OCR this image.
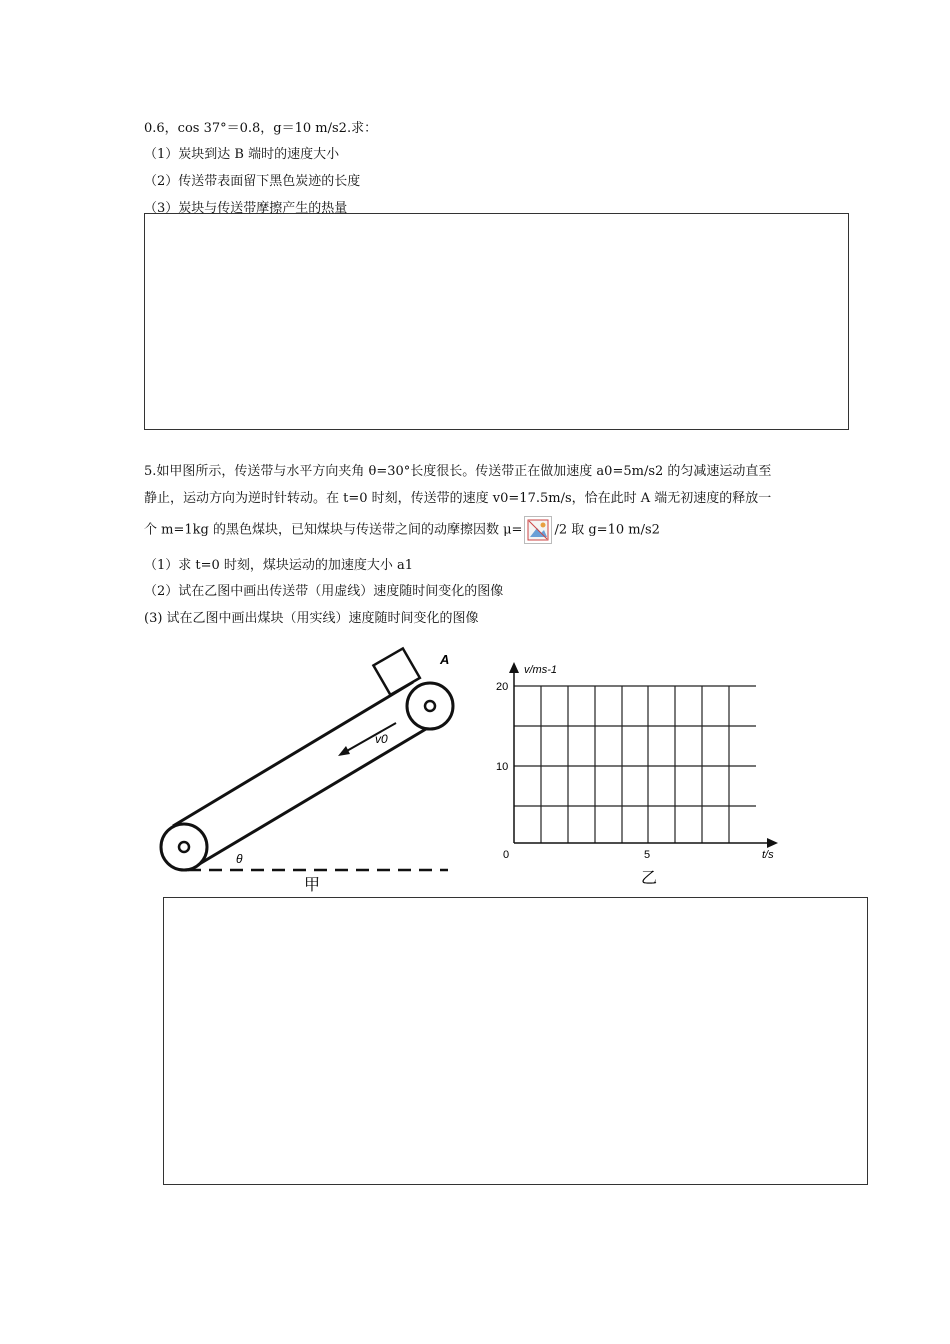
0.6，cos 37°＝0.8，g＝10 m/s2.求：
（1）炭块到达 B 端时的速度大小
（2）传送带表面留下黑色炭迹的长度
（3）炭块与传送带摩擦产生的热量
5.如甲图所示，传送带与水平方向夹角 θ=30°长度很长。传送带正在做加速度 a0=5m/s2 的匀减速运动直至
静止，运动方向为逆时针转动。在 t=0 时刻，传送带的速度 v0=17.5m/s，恰在此时 A 端无初速度的释放一
个 m=1kg 的黑色煤块，已知煤块与传送带之间的动摩擦因数 μ= /2 取 g=10 m/s2
（1）求 t=0 时刻，煤块运动的加速度大小 a1
（2）试在乙图中画出传送带（用虚线）速度随时间变化的图像
(3) 试在乙图中画出煤块（用实线）速度随时间变化的图像
v0
A
θ
甲
v/ms-1
t/s
20
10
0	5
乙
